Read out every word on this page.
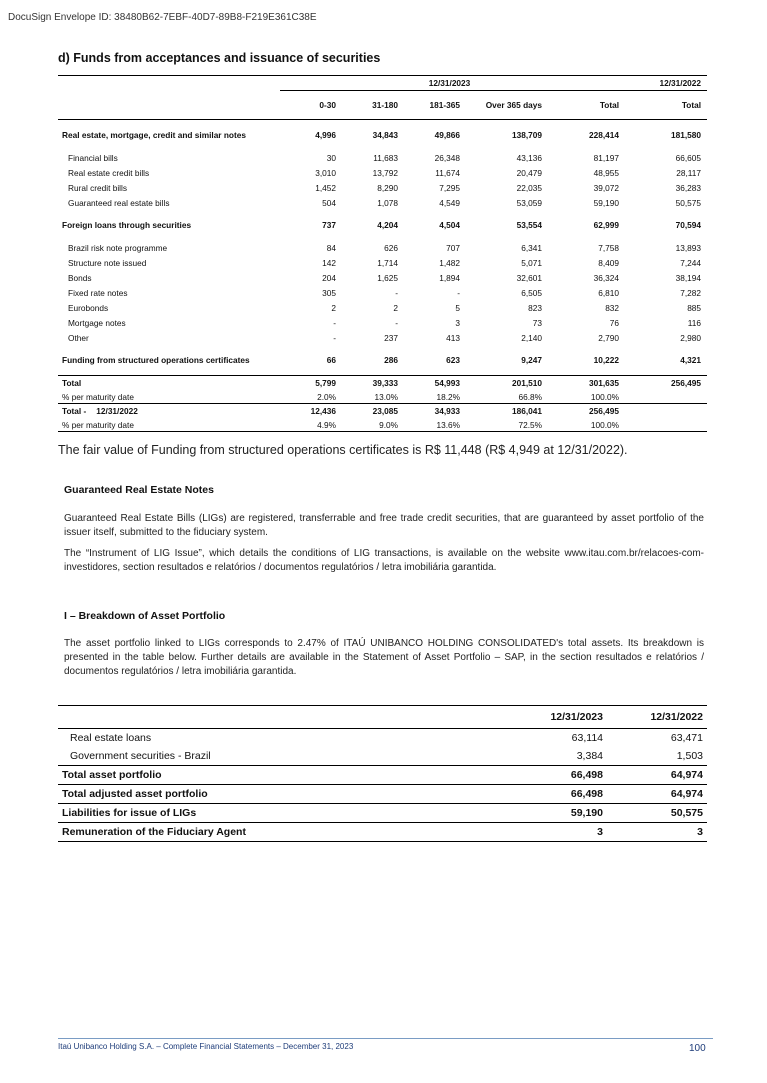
DocuSign Envelope ID: 38480B62-7EBF-40D7-89B8-F219E361C38E
d) Funds from acceptances and issuance of securities
	12/31/2023					12/31/2022
	0-30	31-180	181-365	Over 365 days	Total	Total
Real estate, mortgage, credit and similar notes	4,996	34,843	49,866	138,709	228,414	181,580
Financial bills	30	11,683	26,348	43,136	81,197	66,605
Real estate credit bills	3,010	13,792	11,674	20,479	48,955	28,117
Rural credit bills	1,452	8,290	7,295	22,035	39,072	36,283
Guaranteed real estate bills	504	1,078	4,549	53,059	59,190	50,575
Foreign loans through securities	737	4,204	4,504	53,554	62,999	70,594
Brazil risk note programme	84	626	707	6,341	7,758	13,893
Structure note issued	142	1,714	1,482	5,071	8,409	7,244
Bonds	204	1,625	1,894	32,601	36,324	38,194
Fixed rate notes	305	-	-	6,505	6,810	7,282
Eurobonds	2	2	5	823	832	885
Mortgage notes	-	-	3	73	76	116
Other	-	237	413	2,140	2,790	2,980
Funding from structured operations certificates	66	286	623	9,247	10,222	4,321
Total	5,799	39,333	54,993	201,510	301,635	256,495
% per maturity date	2.0%	13.0%	18.2%	66.8%	100.0%	
Total - 12/31/2022	12,436	23,085	34,933	186,041	256,495	
% per maturity date	4.9%	9.0%	13.6%	72.5%	100.0%	
The fair value of Funding from structured operations certificates is R$ 11,448 (R$ 4,949 at 12/31/2022).
Guaranteed Real Estate Notes

Guaranteed Real Estate Bills (LIGs) are registered, transferrable and free trade credit securities, that are guaranteed by asset portfolio of the issuer itself, submitted to the fiduciary system.

The “Instrument of LIG Issue”, which details the conditions of LIG transactions, is available on the website www.itau.com.br/relacoes-com-investidores, section resultados e relatórios / documentos regulatórios / letra imobiliária garantida.

I – Breakdown of Asset Portfolio

The asset portfolio linked to LIGs corresponds to 2.47% of ITAÚ UNIBANCO HOLDING CONSOLIDATED's total assets. Its breakdown is presented in the table below. Further details are available in the Statement of Asset Portfolio – SAP, in the section resultados e relatórios / documentos regulatórios / letra imobiliária garantida.

	12/31/2023	12/31/2022
Real estate loans	63,114	63,471
Government securities - Brazil	3,384	1,503
Total asset portfolio	66,498	64,974
Total adjusted asset portfolio	66,498	64,974
Liabilities for issue of LIGs	59,190	50,575
Remuneration of the Fiduciary Agent	3	3
Itaú Unibanco Holding S.A. – Complete Financial Statements – December 31, 2023	100
